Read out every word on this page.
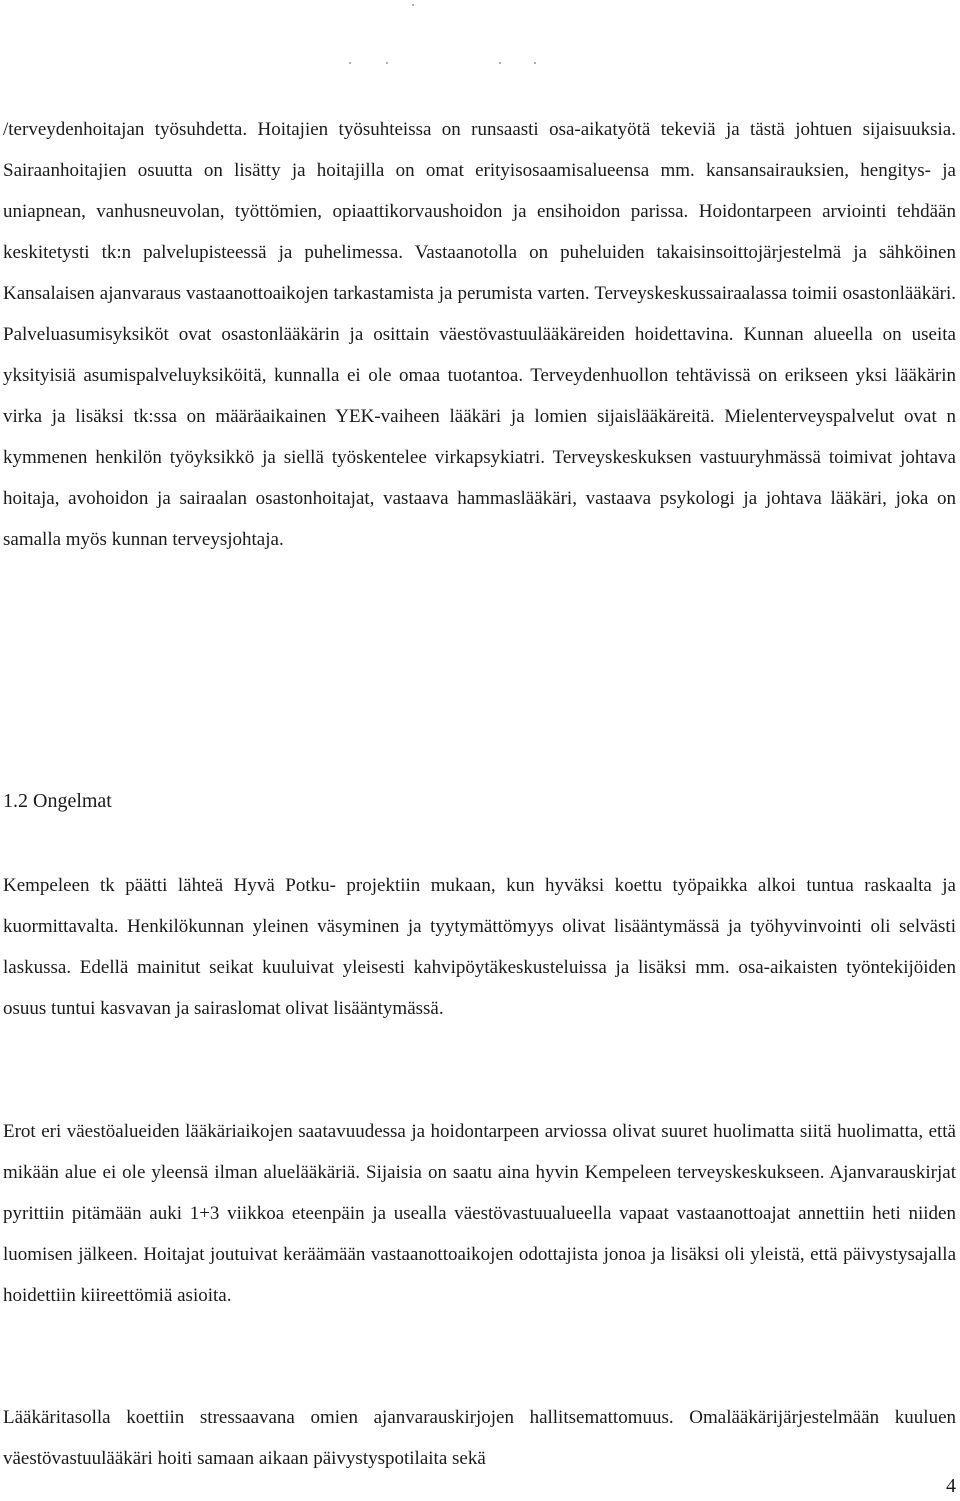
/terveydenhoitajan työsuhdetta. Hoitajien työsuhteissa on runsaasti osa-aikatyötä tekeviä ja tästä johtuen sijaisuuksia. Sairaanhoitajien osuutta on lisätty ja hoitajilla on omat erityisosaamisalueensa mm. kansansairauksien, hengitys- ja uniapnean, vanhusneuvolan, työttömien, opiaattikorvaushoidon ja ensihoidon parissa. Hoidontarpeen arviointi tehdään keskitetysti tk:n palvelupisteessä ja puhelimessa. Vastaanotolla on puheluiden takaisinsoittojärjestelmä ja sähköinen Kansalaisen ajanvaraus vastaanottoaikojen tarkastamista ja perumista varten. Terveyskeskussairaalassa toimii osastonlääkäri. Palveluasumisyksiköt ovat osastonlääkärin ja osittain väestövastuulääkäreiden hoidettavina. Kunnan alueella on useita yksityisiä asumispalveluyksiköitä, kunnalla ei ole omaa tuotantoa. Terveydenhuollon tehtävissä on erikseen yksi lääkärin virka ja lisäksi tk:ssa on määräaikainen YEK-vaiheen lääkäri ja lomien sijaislääkäreitä. Mielenterveyspalvelut ovat n kymmenen henkilön työyksikkö ja siellä työskentelee virkapsykiatri. Terveyskeskuksen vastuuryhmässä toimivat johtava hoitaja, avohoidon ja sairaalan osastonhoitajat, vastaava hammaslääkäri, vastaava psykologi ja johtava lääkäri, joka on samalla myös kunnan terveysjohtaja.

1.2 Ongelmat

Kempeleen tk päätti lähteä Hyvä Potku- projektiin mukaan, kun hyväksi koettu työpaikka alkoi tuntua raskaalta ja kuormittavalta. Henkilökunnan yleinen väsyminen ja tyytymättömyys olivat lisääntymässä ja työhyvinvointi oli selvästi laskussa. Edellä mainitut seikat kuuluivat yleisesti kahvipöytäkeskusteluissa ja lisäksi mm. osa-aikaisten työntekijöiden osuus tuntui kasvavan ja sairaslomat olivat lisääntymässä.

Erot eri väestöalueiden lääkäriaikojen saatavuudessa ja hoidontarpeen arviossa olivat suuret huolimatta siitä huolimatta, että mikään alue ei ole yleensä ilman aluelääkäriä. Sijaisia on saatu aina hyvin Kempeleen terveyskeskukseen. Ajanvarauskirjat pyrittiin pitämään auki 1+3 viikkoa eteenpäin ja usealla väestövastuualueella vapaat vastaanottoajat annettiin heti niiden luomisen jälkeen. Hoitajat joutuivat keräämään vastaanottoaikojen odottajista jonoa ja lisäksi oli yleistä, että päivystysajalla hoidettiin kiireettömiä asioita.

Lääkäritasolla koettiin stressaavana omien ajanvarauskirjojen hallitsemattomuus. Omalääkärijärjestelmään kuuluen väestövastuulääkäri hoiti samaan aikaan päivystyspotilaita sekä

4
